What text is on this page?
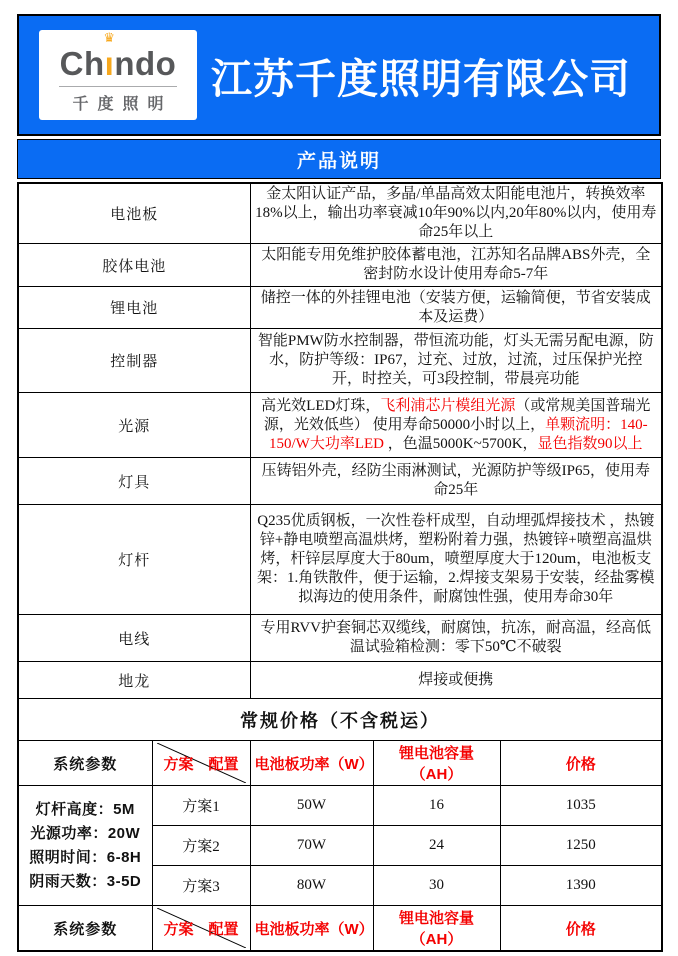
Ch
♛
ındo
千度照明
江苏千度照明有限公司
产品说明
电池板		金太阳认证产品，多晶/单晶高效太阳能电池片，转换效率18%以上，输出功率衰减10年90%以内,20年80%以内，使用寿命25年以上		
胶体电池		太阳能专用免维护胶体蓄电池，江苏知名品牌ABS外壳，全密封防水设计使用寿命5-7年		
锂电池		储控一体的外挂锂电池（安装方便，运输简便，节省安装成本及运费）		
控制器		智能PMW防水控制器，带恒流功能，灯头无需另配电源，防水，防护等级：IP67，过充、过放，过流，过压保护光控开，时控关，可3段控制，带晨亮功能		
光源		高光效LED灯珠，飞利浦芯片模组光源（或常规美国普瑞光源，光效低些） 使用寿命50000小时以上，单颗流明：140-150/W大功率LED ，色温5000K~5700K，显色指数90以上		
灯具		压铸铝外壳，经防尘雨淋测试，光源防护等级IP65，使用寿命25年		
灯杆		Q235优质钢板，一次性卷杆成型，自动埋弧焊接技术 ，热镀锌+静电喷塑高温烘烤，塑粉附着力强，热镀锌+喷塑高温烘烤，杆锌层厚度大于80um，喷塑厚度大于120um，电池板支架：1.角铁散件，便于运输，2.焊接支架易于安装，经盐雾模拟海边的使用条件，耐腐蚀性强，使用寿命30年		
电线		专用RVV护套铜芯双缆线，耐腐蚀，抗冻，耐高温，经高低温试验箱检测：零下50℃不破裂		
地龙		焊接或便携		
常规价格（不含税运）				
系统参数	方案 配置	电池板功率（W）	锂电池容量（AH）	价格

灯杆高度：5M
光源功率：20W
照明时间：6-8H
阴雨天数：3-5D	方案1	50W	16	1035
	方案2	70W	24	1250
	方案3	80W	30	1390
系统参数	方案 配置	电池板功率（W）	锂电池容量（AH）	价格
